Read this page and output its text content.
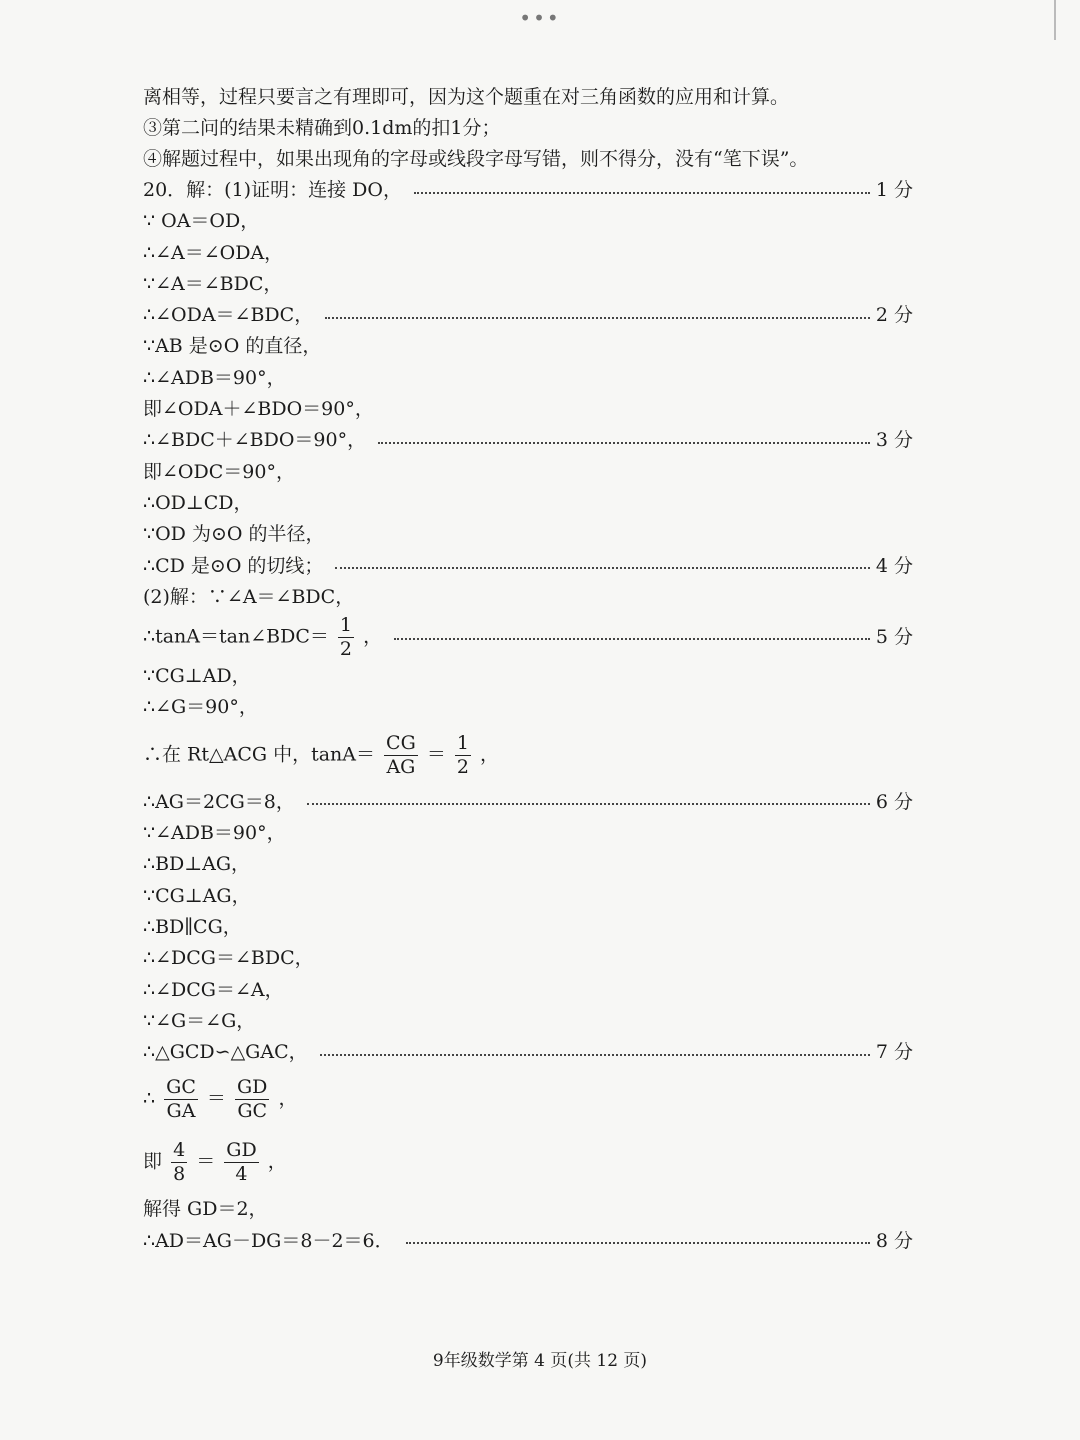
•••
离相等，过程只要言之有理即可，因为这个题重在对三角函数的应用和计算。
③第二问的结果未精确到0.1dm的扣1分；
④解题过程中，如果出现角的字母或线段字母写错，则不得分，没有“笔下误”。
20．解：(1)证明：连接 DO，	1 分
∵ OA＝OD，
∴∠A＝∠ODA，
∵∠A＝∠BDC，
∴∠ODA＝∠BDC，	2 分
∵AB 是⊙O 的直径，
∴∠ADB＝90°，
即∠ODA＋∠BDO＝90°，
∴∠BDC＋∠BDO＝90°，	3 分
即∠ODC＝90°，
∴OD⊥CD，
∵OD 为⊙O 的半径，
∴CD 是⊙O 的切线；	4 分
(2)解：∵∠A＝∠BDC，
∴tanA＝tan∠BDC＝ $\frac{1}{2}$ ，	5 分
∵CG⊥AD，
∴∠G＝90°，
∴在 Rt△ACG 中，$\tan A= \frac{CG}{AG} = \frac{1}{2}$ ，
∴AG＝2CG＝8，	6 分
∵∠ADB＝90°，
∴BD⊥AG，
∵CG⊥AG，
∴BD∥CG，
∴∠DCG＝∠BDC，
∴∠DCG＝∠A，
∵∠G＝∠G，
∴△GCD∽△GAC，	7 分
∴ $\frac{GC}{GA} = \frac{GD}{GC}$ ，
即 $\frac{4}{8} = \frac{GD}{4}$ ，
解得 GD＝2，
∴AD＝AG－DG＝8－2＝6．	8 分
9年级数学第 4 页(共 12 页)
